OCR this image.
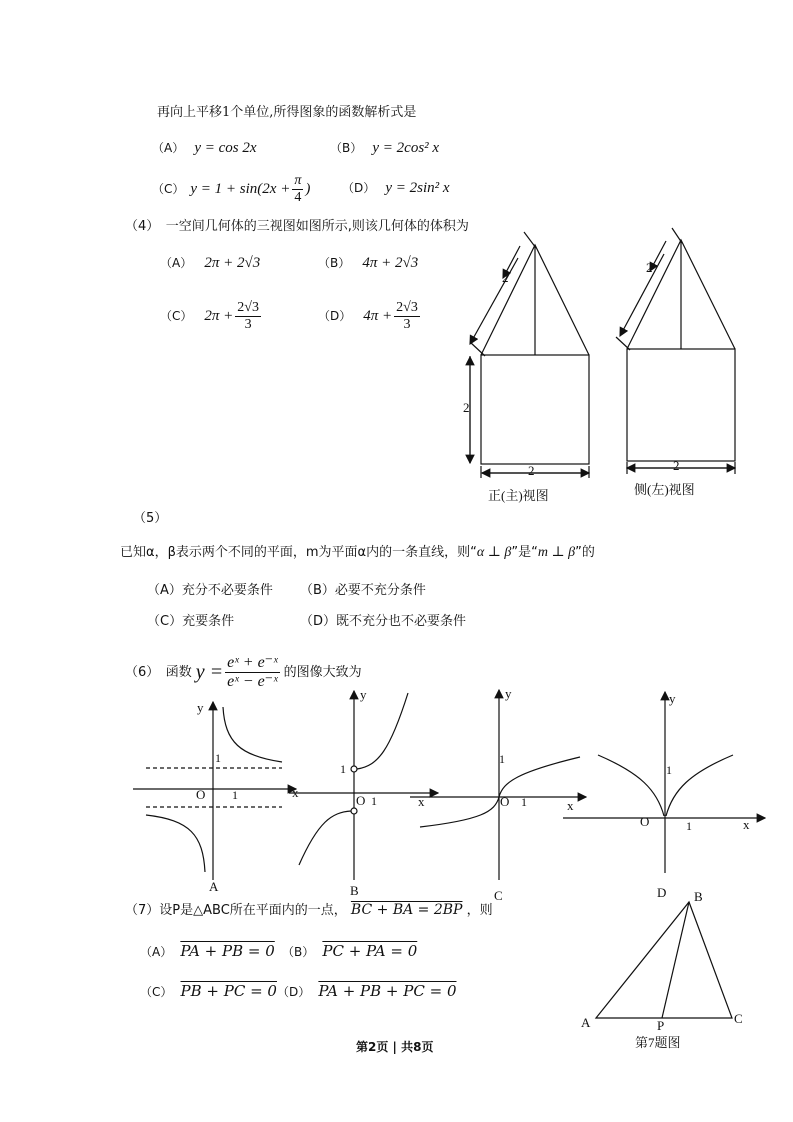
再向上平移1个单位,所得图象的函数解析式是
（A） y = cos 2x	（B） y = 2cos² x
（C） $y = 1 + \sin(2x + \frac{\pi}{4}$ )	（D） y = 2sin² x
（4）　一空间几何体的三视图如图所示,则该几何体的体积为
（A） 2π + 2√3	（B） 4π + 2√3
（C） $2\pi + \frac{2√3}{3}$	（D） $4\pi + \frac{2√3}{3}$
2
2
2
2
2
正(主)视图	侧(左)视图
（5）
已知α，β表示两个不同的平面，m为平面α内的一条直线，则“α ⊥ β”是“m ⊥ β”的
（A）充分不必要条件 （B）必要不充分条件
（C）充要条件	（D）既不充分也不必要条件
（6）　函数 $y = \frac{\text{eˣ + e⁻ˣ}}{\text{eˣ − e⁻ˣ}}$ 的图像大致为
y
x
O 1
1
A
y
x
O 1
1
B
y
x
O 1
1
C
y
x
O	1
1
D B
A	C
P
第7题图
（7）设P是△ABC所在平面内的一点， BC + BA = 2BP ，则
（A） PA + PB = 0 （B） PC + PA = 0
（C） PB + PC = 0 （D） PA + PB + PC = 0
第2页 | 共8页
